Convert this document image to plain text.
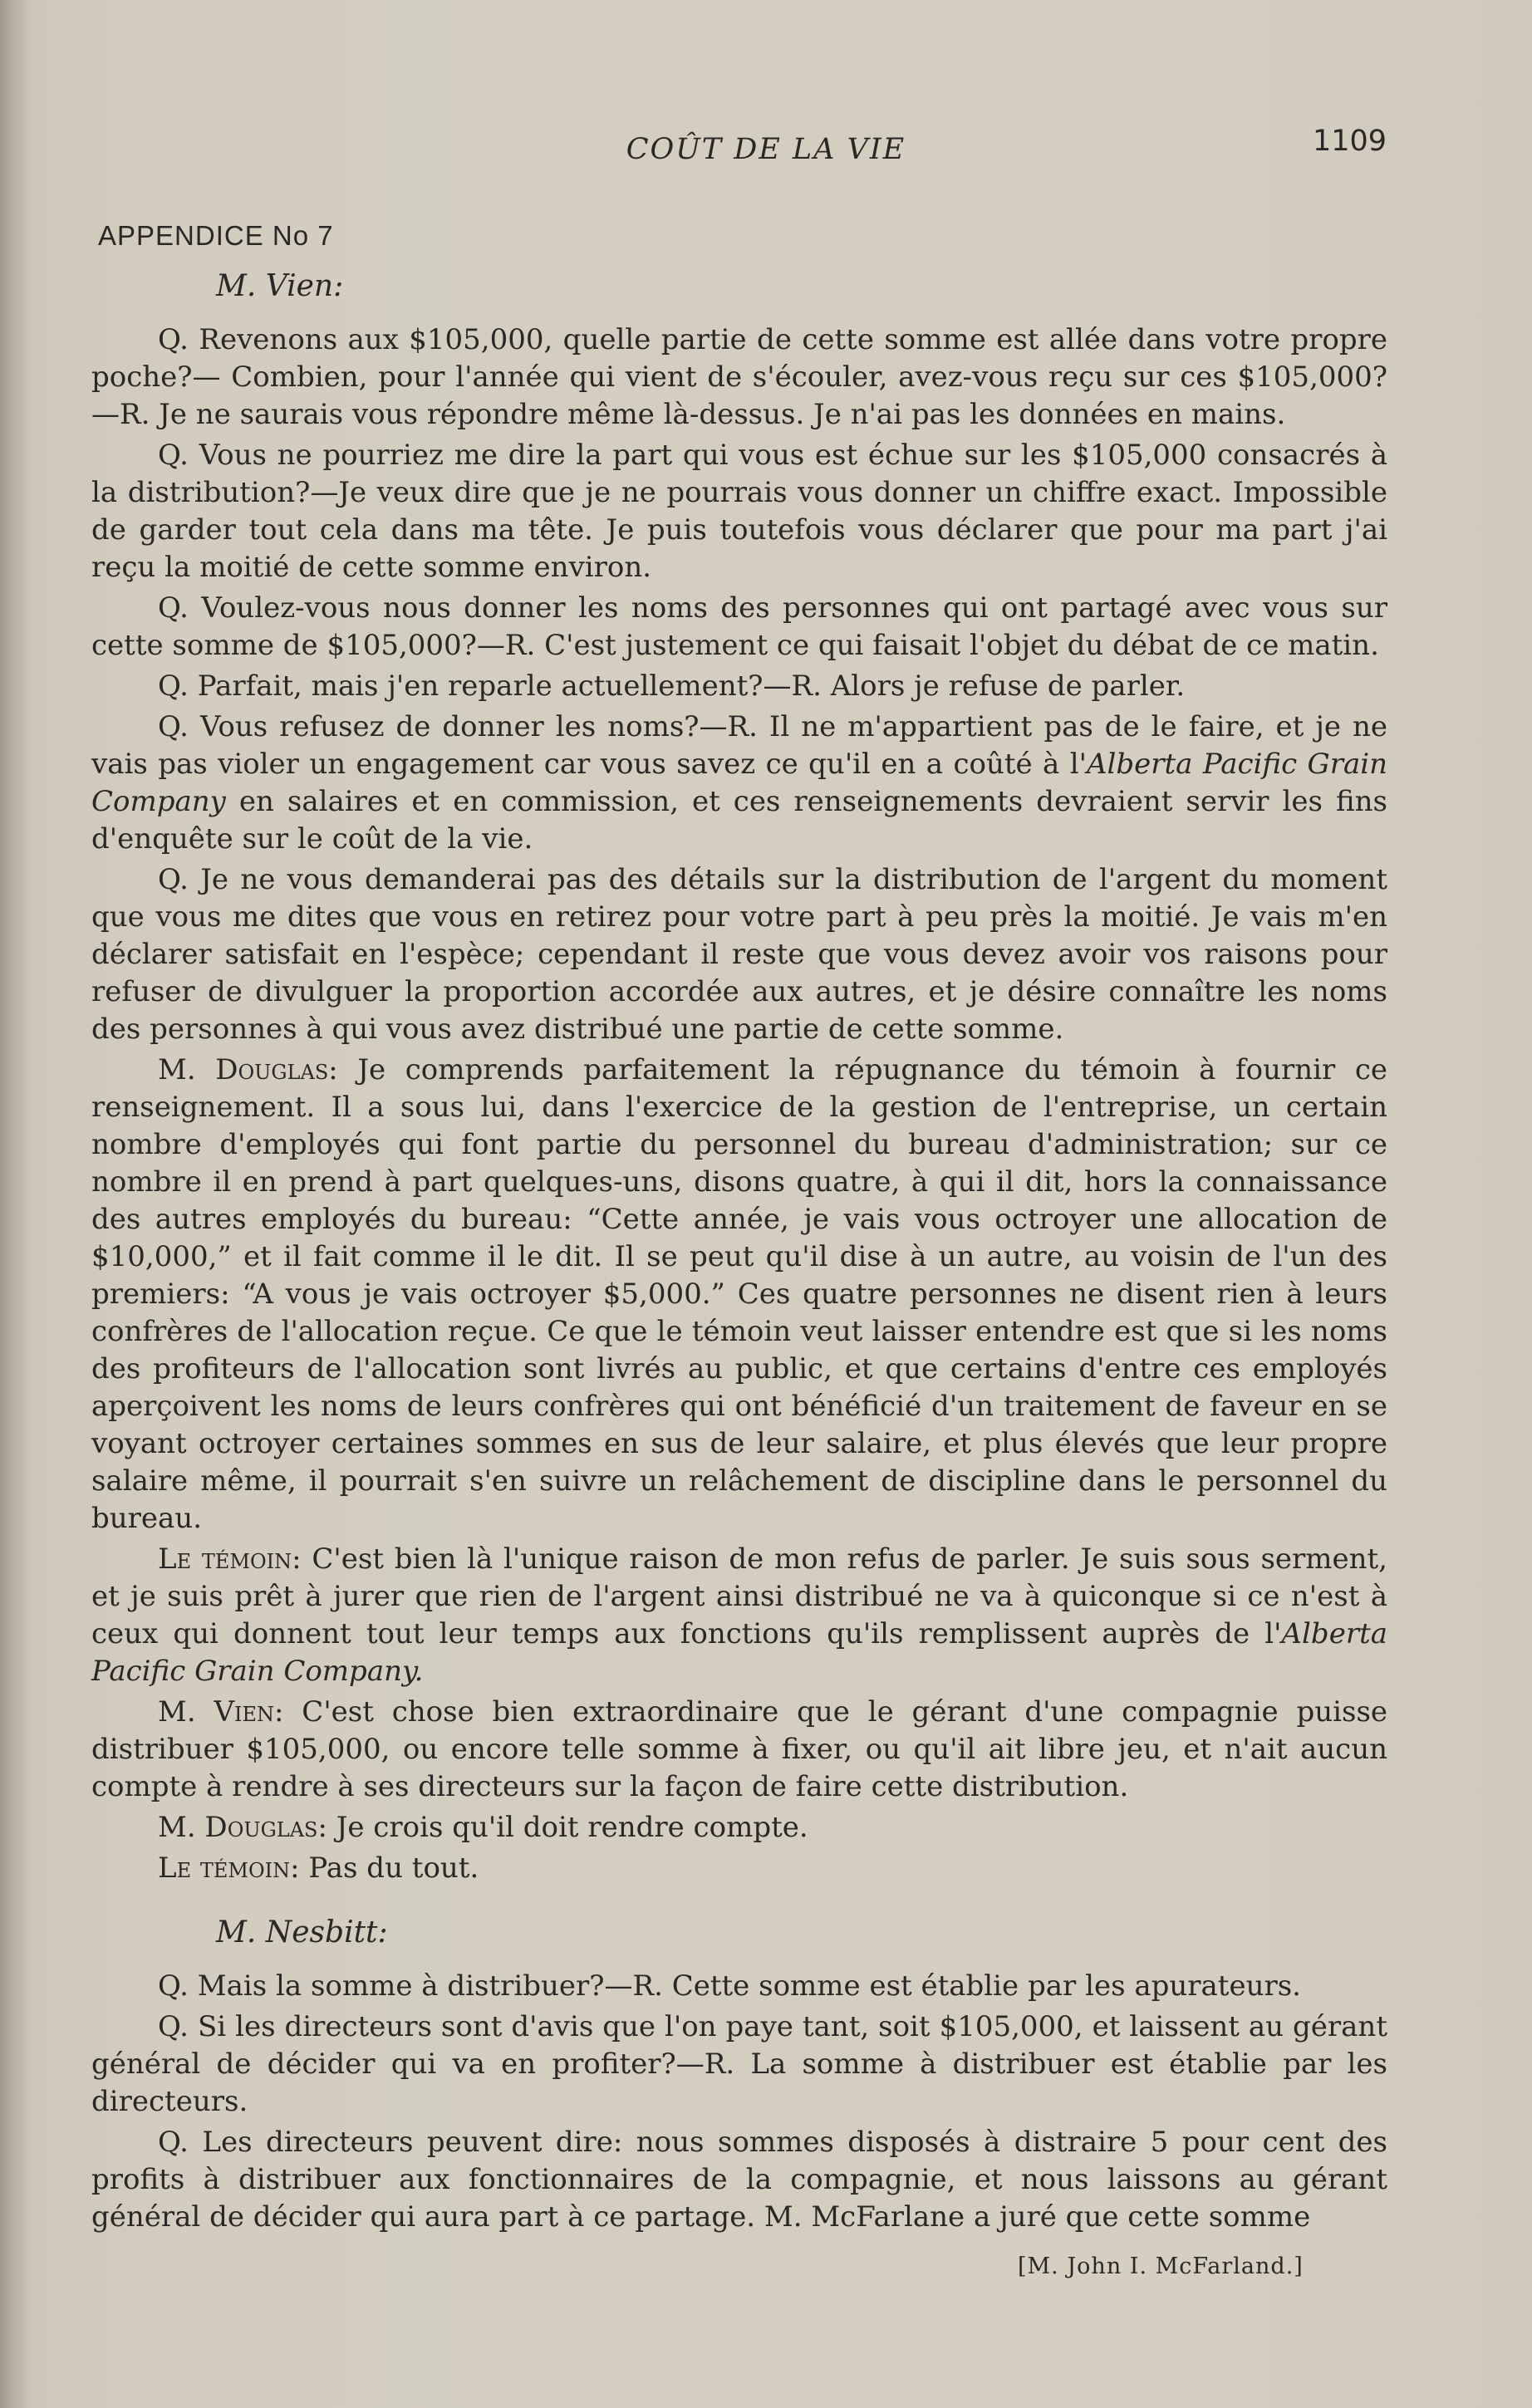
COÛT DE LA VIE	1109
APPENDICE No 7

M. Vien:

Q. Revenons aux $105,000, quelle partie de cette somme est allée dans votre propre poche?— Combien, pour l'année qui vient de s'écouler, avez-vous reçu sur ces $105,000?—R. Je ne saurais vous répondre même là-dessus. Je n'ai pas les données en mains.

Q. Vous ne pourriez me dire la part qui vous est échue sur les $105,000 consacrés à la distribution?—Je veux dire que je ne pourrais vous donner un chiffre exact. Impossible de garder tout cela dans ma tête. Je puis toutefois vous déclarer que pour ma part j'ai reçu la moitié de cette somme environ.

Q. Voulez-vous nous donner les noms des personnes qui ont partagé avec vous sur cette somme de $105,000?—R. C'est justement ce qui faisait l'objet du débat de ce matin.

Q. Parfait, mais j'en reparle actuellement?—R. Alors je refuse de parler.

Q. Vous refusez de donner les noms?—R. Il ne m'appartient pas de le faire, et je ne vais pas violer un engagement car vous savez ce qu'il en a coûté à l'Alberta Pacific Grain Company en salaires et en commission, et ces renseignements devraient servir les fins d'enquête sur le coût de la vie.

Q. Je ne vous demanderai pas des détails sur la distribution de l'argent du moment que vous me dites que vous en retirez pour votre part à peu près la moitié. Je vais m'en déclarer satisfait en l'espèce; cependant il reste que vous devez avoir vos raisons pour refuser de divulguer la proportion accordée aux autres, et je désire connaître les noms des personnes à qui vous avez distribué une partie de cette somme.

M. Douglas: Je comprends parfaitement la répugnance du témoin à fournir ce renseignement. Il a sous lui, dans l'exercice de la gestion de l'entreprise, un certain nombre d'employés qui font partie du personnel du bureau d'administration; sur ce nombre il en prend à part quelques-uns, disons quatre, à qui il dit, hors la connaissance des autres employés du bureau: “Cette année, je vais vous octroyer une allocation de $10,000,” et il fait comme il le dit. Il se peut qu'il dise à un autre, au voisin de l'un des premiers: “A vous je vais octroyer $5,000.” Ces quatre personnes ne disent rien à leurs confrères de l'allocation reçue. Ce que le témoin veut laisser entendre est que si les noms des profiteurs de l'allocation sont livrés au public, et que certains d'entre ces employés aperçoivent les noms de leurs confrères qui ont bénéficié d'un traitement de faveur en se voyant octroyer certaines sommes en sus de leur salaire, et plus élevés que leur propre salaire même, il pourrait s'en suivre un relâchement de discipline dans le personnel du bureau.

Le témoin: C'est bien là l'unique raison de mon refus de parler. Je suis sous serment, et je suis prêt à jurer que rien de l'argent ainsi distribué ne va à quiconque si ce n'est à ceux qui donnent tout leur temps aux fonctions qu'ils remplissent auprès de l'Alberta Pacific Grain Company.

M. Vien: C'est chose bien extraordinaire que le gérant d'une compagnie puisse distribuer $105,000, ou encore telle somme à fixer, ou qu'il ait libre jeu, et n'ait aucun compte à rendre à ses directeurs sur la façon de faire cette distribution.

M. Douglas: Je crois qu'il doit rendre compte.

Le témoin: Pas du tout.

M. Nesbitt:

Q. Mais la somme à distribuer?—R. Cette somme est établie par les apurateurs.

Q. Si les directeurs sont d'avis que l'on paye tant, soit $105,000, et laissent au gérant général de décider qui va en profiter?—R. La somme à distribuer est établie par les directeurs.

Q. Les directeurs peuvent dire: nous sommes disposés à distraire 5 pour cent des profits à distribuer aux fonctionnaires de la compagnie, et nous laissons au gérant général de décider qui aura part à ce partage. M. McFarlane a juré que cette somme

[M. John I. McFarland.]
